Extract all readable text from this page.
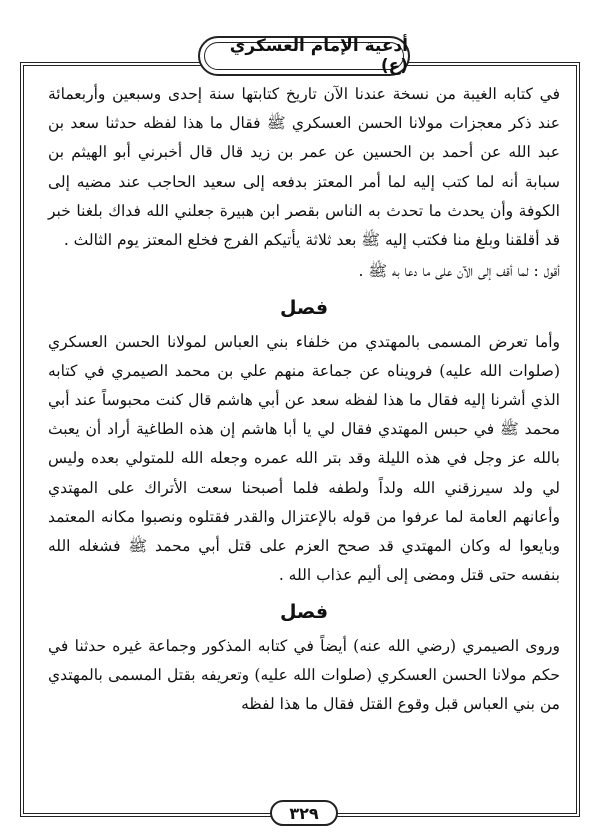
أدعية الإمام العسكري (ع)

في كتابه الغيبة من نسخة عندنا الآن تاريخ كتابتها سنة إحدى وسبعين وأربعمائة عند ذكر معجزات مولانا الحسن العسكري ﷺ فقال ما هذا لفظه حدثنا سعد بن عبد الله عن أحمد بن الحسين عن عمر بن زيد قال قال أخبرني أبو الهيثم بن سبابة أنه لما كتب إليه لما أمر المعتز بدفعه إلى سعيد الحاجب عند مضيه إلى الكوفة وأن يحدث ما تحدث به الناس بقصر ابن هبيرة جعلني الله فداك بلغنا خبر قد أقلقنا وبلغ منا فكتب إليه ﷺ بعد ثلاثة يأتيكم الفرج فخلع المعتز يوم الثالث .

أقول : لما أقف إلى الآن على ما دعا به ﷺ .

فصل

وأما تعرض المسمى بالمهتدي من خلفاء بني العباس لمولانا الحسن العسكري (صلوات الله عليه) فرويناه عن جماعة منهم علي بن محمد الصيمري في كتابه الذي أشرنا إليه فقال ما هذا لفظه سعد عن أبي هاشم قال كنت محبوساً عند أبي محمد ﷺ في حبس المهتدي فقال لي يا أبا هاشم إن هذه الطاغية أراد أن يعبث بالله عز وجل في هذه الليلة وقد بتر الله عمره وجعله الله للمتولي بعده وليس لي ولد سيرزقني الله ولداً ولطفه فلما أصبحنا سعت الأتراك على المهتدي وأعانهم العامة لما عرفوا من قوله بالإعتزال والقدر فقتلوه ونصبوا مكانه المعتمد وبايعوا له وكان المهتدي قد صحح العزم على قتل أبي محمد ﷺ فشغله الله بنفسه حتى قتل ومضى إلى أليم عذاب الله .

فصل

وروى الصيمري (رضي الله عنه) أيضاً في كتابه المذكور وجماعة غيره حدثنا في حكم مولانا الحسن العسكري (صلوات الله عليه) وتعريفه بقتل المسمى بالمهتدي من بني العباس قبل وقوع القتل فقال ما هذا لفظه

٣٢٩
